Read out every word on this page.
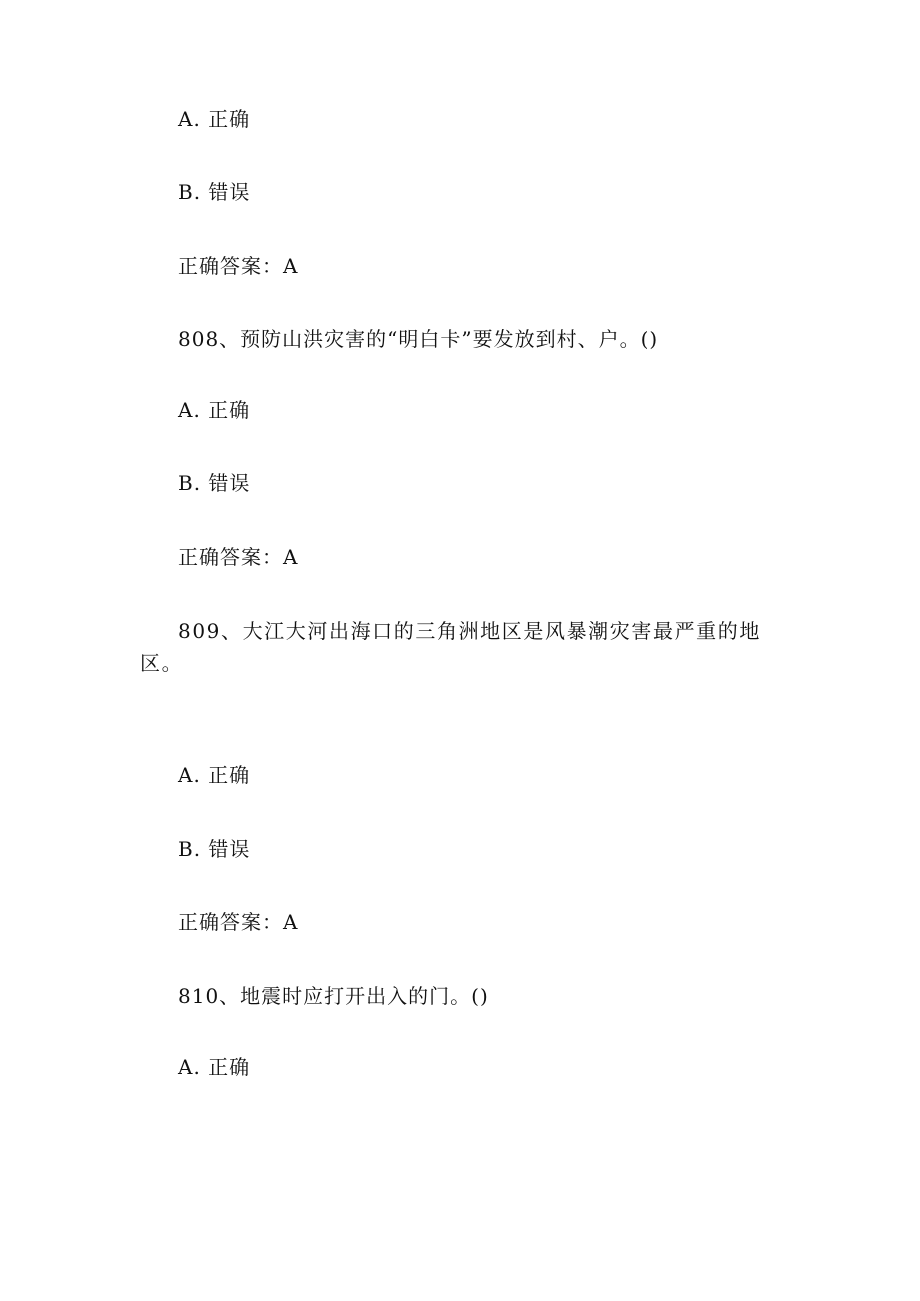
A. 正确

B. 错误

正确答案：A

808、预防山洪灾害的“明白卡”要发放到村、户。()

A. 正确

B. 错误

正确答案：A

809、大江大河出海口的三角洲地区是风暴潮灾害最严重的地区。

A. 正确

B. 错误

正确答案：A

810、地震时应打开出入的门。()

A. 正确
